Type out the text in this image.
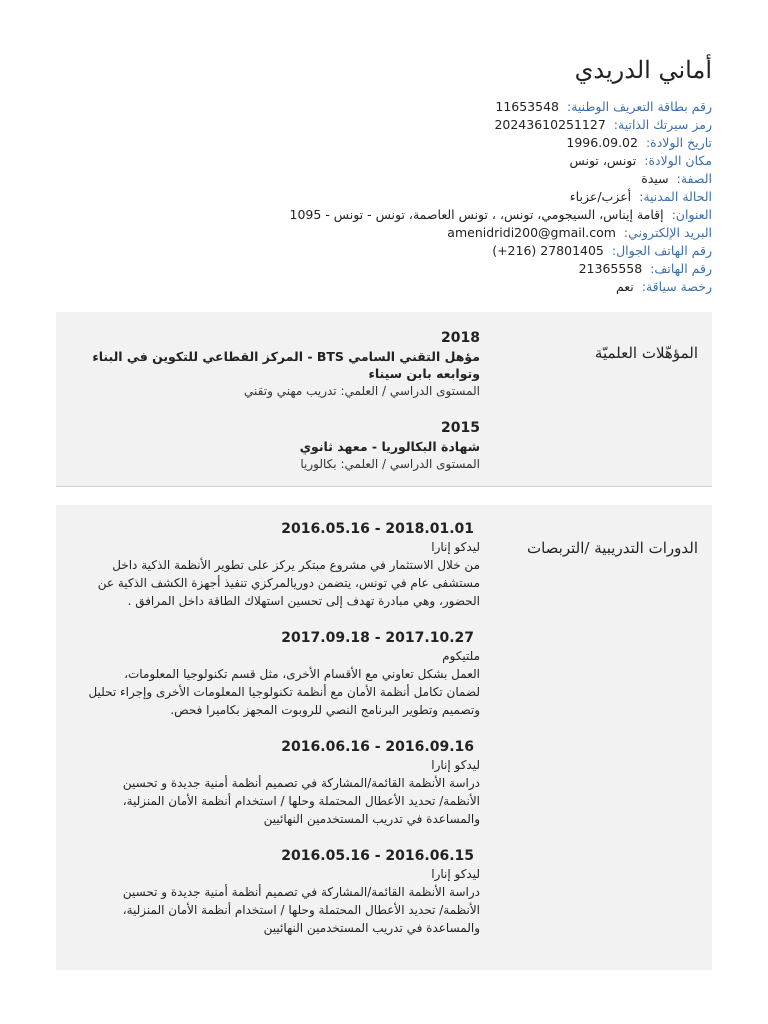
أماني الدريدي
رقم بطاقة التعريف الوطنية: 11653548
رمز سيرتك الذاتية: 20243610251127
تاريخ الولادة: 1996.09.02
مكان الولادة: تونس، تونس
الصفة: سيدة
الحالة المدنية: أعزب/عزباء
العنوان: إقامة إيناس، السيجومي، تونس، ، تونس العاصمة، تونس - تونس - 1095
البريد الإلكتروني: amenidridi200@gmail.com
رقم الهاتف الجوال: (+216) 27801405
رقم الهاتف: 21365558
رخصة سياقة: نعم
المؤهّلات العلميّة
2018
مؤهل التقني السامي BTS - المركز القطاعي للتكوين في البناء وتوابعه بابن سيناء
المستوى الدراسي / العلمي: تدريب مهني وتقني
2015
شهادة البكالوريا - معهد ثانوي
المستوى الدراسي / العلمي: بكالوريا
الدورات التدريبية /التربصات
2016.05.16 - 2018.01.01
ليدكو إنارا
من خلال الاستثمار في مشروع مبتكر يركز على تطوير الأنظمة الذكية داخل مستشفى عام في تونس، يتضمن دوريالمركزي تنفيذ أجهزة الكشف الذكية عن الحضور، وهي مبادرة تهدف إلى تحسين استهلاك الطاقة داخل المرافق .
2017.09.18 - 2017.10.27
ملتيكوم
العمل بشكل تعاوني مع الأقسام الأخرى، مثل قسم تكنولوجيا المعلومات، لضمان تكامل أنظمة الأمان مع أنظمة تكنولوجيا المعلومات الأخرى وإجراء تحليل وتصميم وتطوير البرنامج النصي للروبوت المجهز بكاميرا فحص.
2016.06.16 - 2016.09.16
ليدكو إنارا
دراسة الأنظمة القائمة/المشاركة في تصميم أنظمة أمنية جديدة و تحسين الأنظمة/ تحديد الأعطال المحتملة وحلها / استخدام أنظمة الأمان المنزلية، والمساعدة في تدريب المستخدمين النهائيين
2016.05.16 - 2016.06.15
ليدكو إنارا
دراسة الأنظمة القائمة/المشاركة في تصميم أنظمة أمنية جديدة و تحسين الأنظمة/ تحديد الأعطال المحتملة وحلها / استخدام أنظمة الأمان المنزلية، والمساعدة في تدريب المستخدمين النهائيين
